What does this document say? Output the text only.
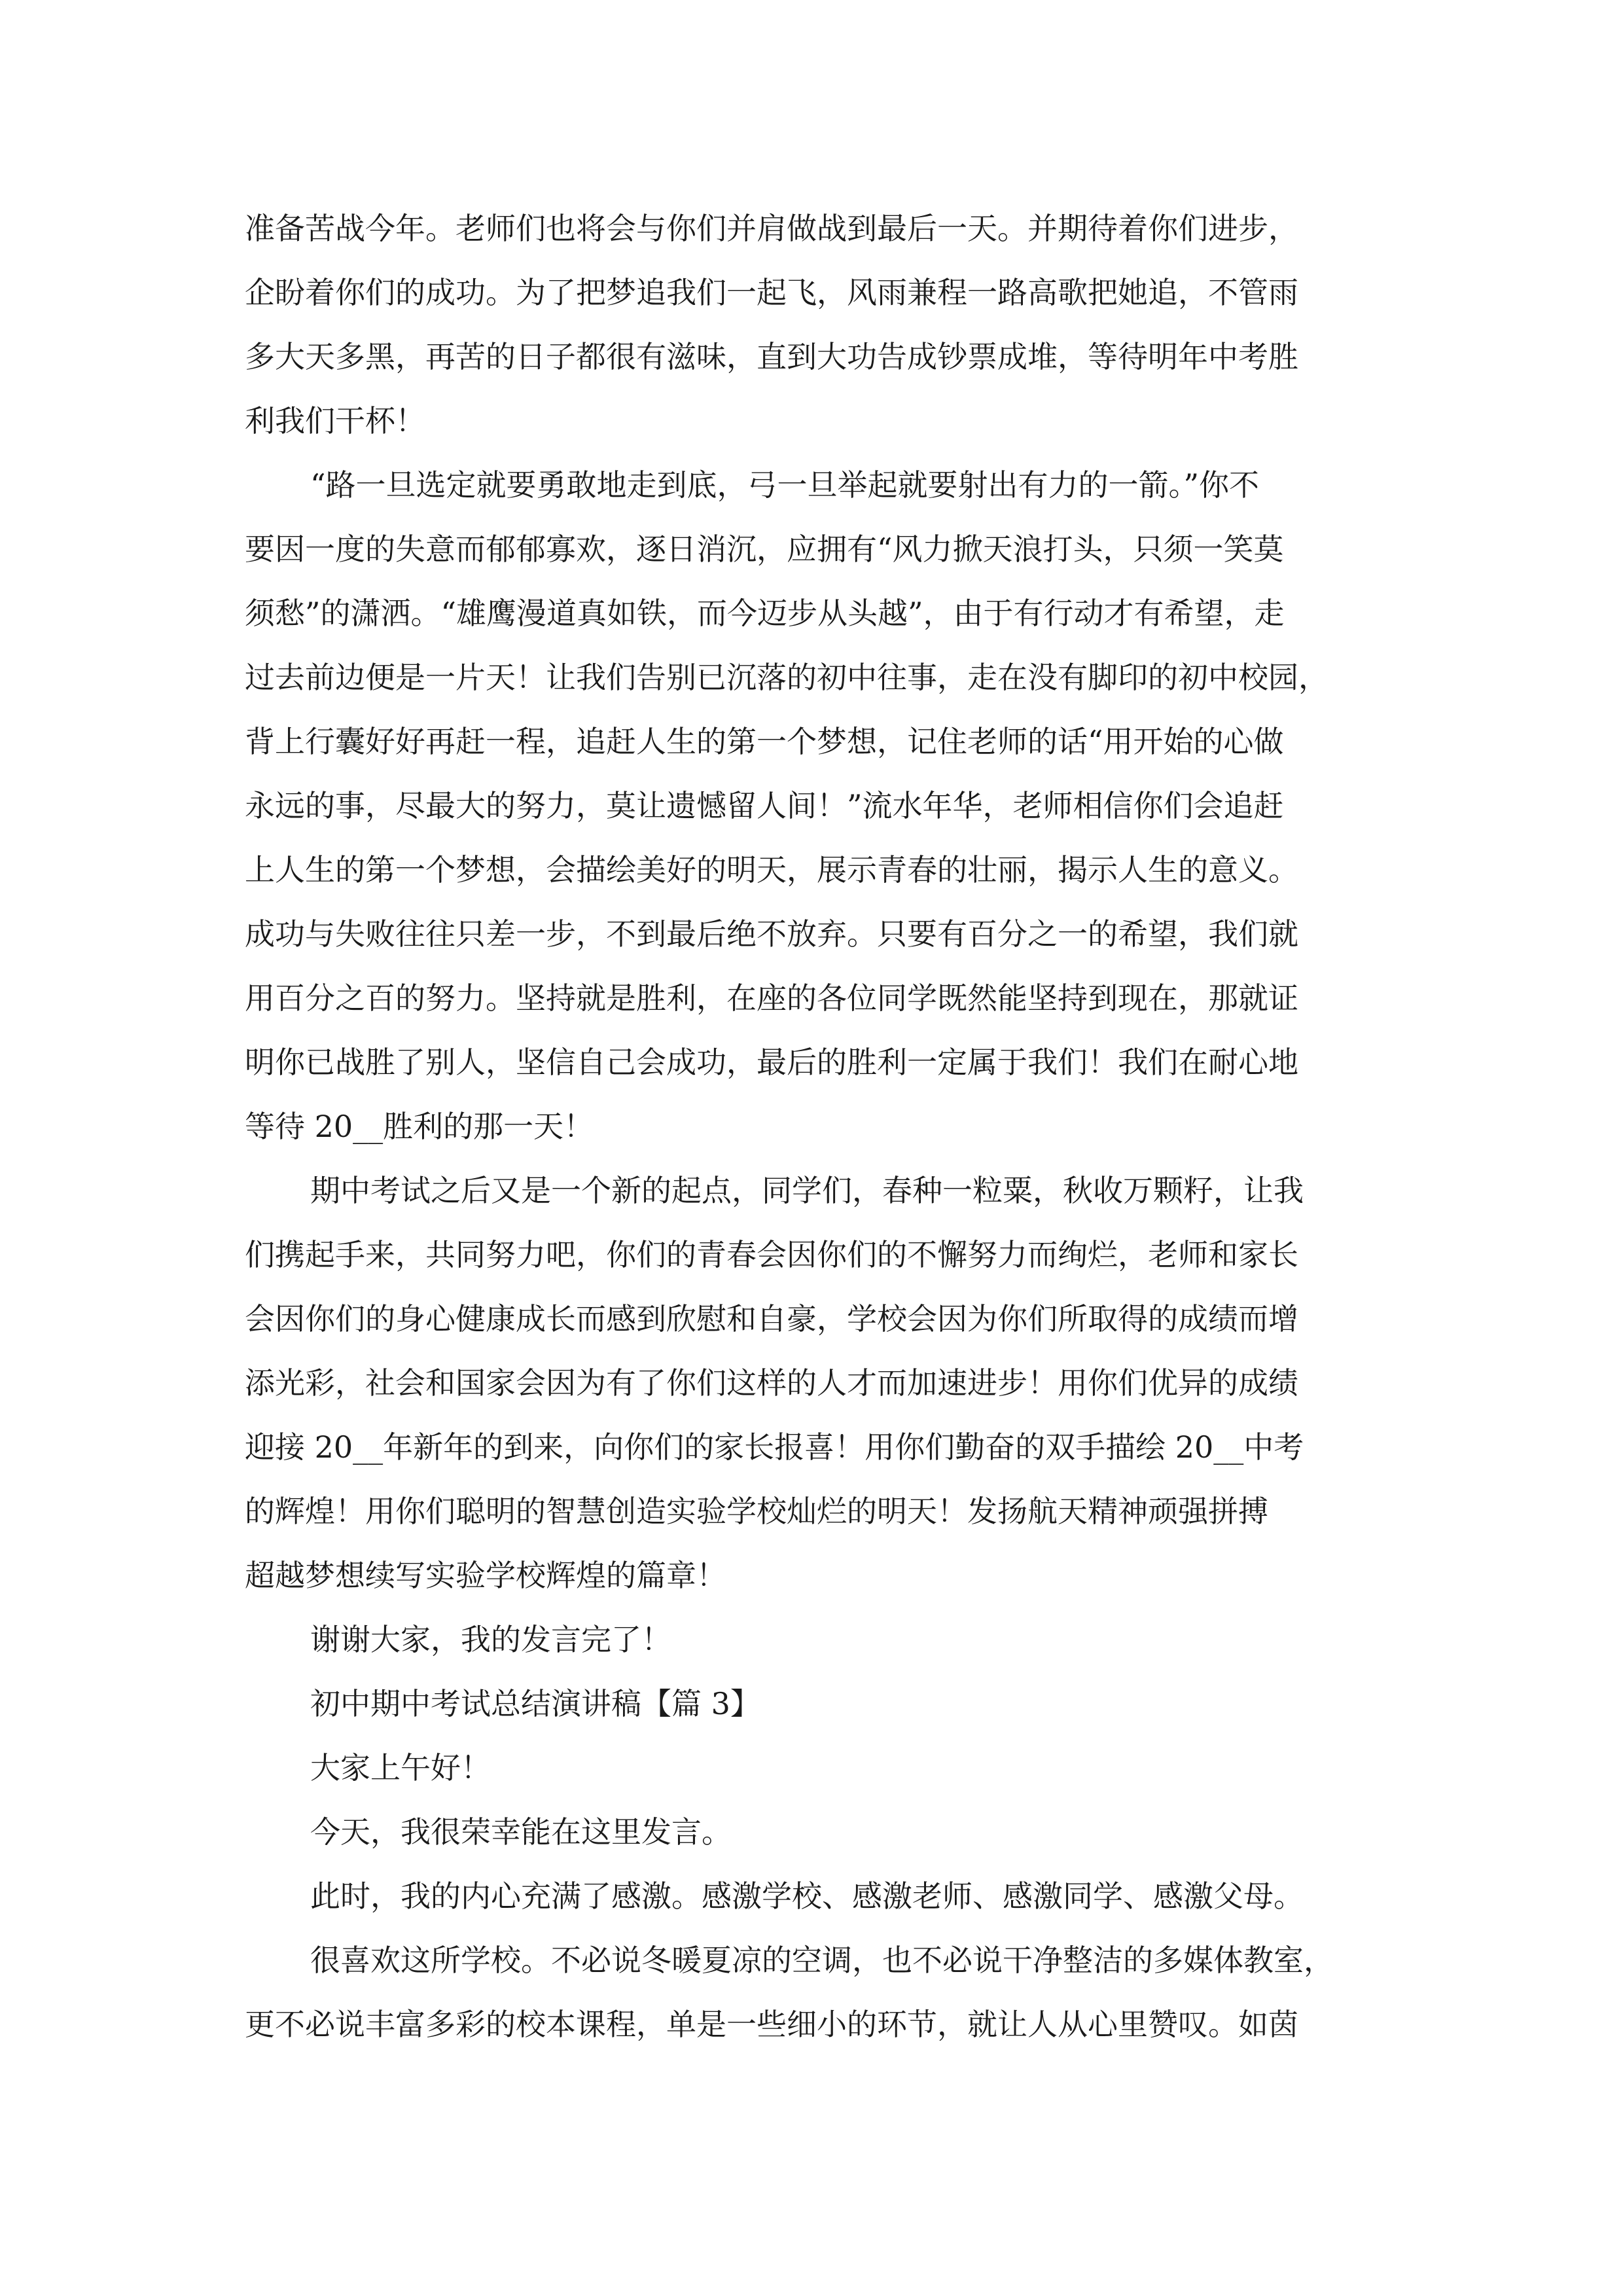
准备苦战今年。老师们也将会与你们并肩做战到最后一天。并期待着你们进步，
企盼着你们的成功。为了把梦追我们一起飞，风雨兼程一路高歌把她追，不管雨
多大天多黑，再苦的日子都很有滋味，直到大功告成钞票成堆，等待明年中考胜
利我们干杯！
“路一旦选定就要勇敢地走到底，弓一旦举起就要射出有力的一箭。”你不
要因一度的失意而郁郁寡欢，逐日消沉，应拥有“风力掀天浪打头，只须一笑莫
须愁”的潇洒。“雄鹰漫道真如铁，而今迈步从头越”，由于有行动才有希望，走
过去前边便是一片天！让我们告别已沉落的初中往事，走在没有脚印的初中校园，
背上行囊好好再赶一程，追赶人生的第一个梦想，记住老师的话“用开始的心做
永远的事，尽最大的努力，莫让遗憾留人间！”流水年华，老师相信你们会追赶
上人生的第一个梦想，会描绘美好的明天，展示青春的壮丽，揭示人生的意义。
成功与失败往往只差一步，不到最后绝不放弃。只要有百分之一的希望，我们就
用百分之百的努力。坚持就是胜利，在座的各位同学既然能坚持到现在，那就证
明你已战胜了别人，坚信自己会成功，最后的胜利一定属于我们！我们在耐心地
等待 20__胜利的那一天！
期中考试之后又是一个新的起点，同学们，春种一粒粟，秋收万颗籽，让我
们携起手来，共同努力吧，你们的青春会因你们的不懈努力而绚烂，老师和家长
会因你们的身心健康成长而感到欣慰和自豪，学校会因为你们所取得的成绩而增
添光彩，社会和国家会因为有了你们这样的人才而加速进步！用你们优异的成绩
迎接 20__年新年的到来，向你们的家长报喜！用你们勤奋的双手描绘 20__中考
的辉煌！用你们聪明的智慧创造实验学校灿烂的明天！发扬航天精神顽强拼搏
超越梦想续写实验学校辉煌的篇章！
谢谢大家，我的发言完了！
初中期中考试总结演讲稿【篇 3】
大家上午好！
今天，我很荣幸能在这里发言。
此时，我的内心充满了感激。感激学校、感激老师、感激同学、感激父母。
很喜欢这所学校。不必说冬暖夏凉的空调，也不必说干净整洁的多媒体教室，
更不必说丰富多彩的校本课程，单是一些细小的环节，就让人从心里赞叹。如茵
